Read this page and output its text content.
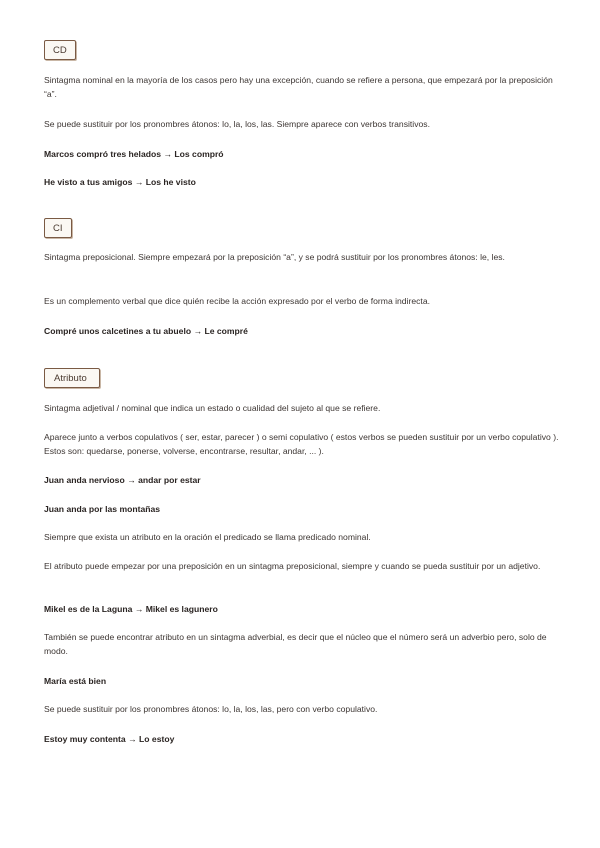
CD

Sintagma nominal en la mayoría de los casos pero hay una excepción, cuando se refiere a persona, que empezará por la preposición “a”.

Se puede sustituir por los pronombres átonos: lo, la, los, las. Siempre aparece con verbos transitivos.

Marcos compró tres helados → Los compró

He visto a tus amigos → Los he visto

CI

Sintagma preposicional. Siempre empezará por la preposición “a”, y se podrá sustituir por los pronombres átonos: le, les.

Es un complemento verbal que dice quién recibe la acción expresado por el verbo de forma indirecta.

Compré unos calcetines a tu abuelo → Le compré

Atributo

Sintagma adjetival / nominal que indica un estado o cualidad del sujeto al que se refiere.

Aparece junto a verbos copulativos ( ser, estar, parecer ) o semi copulativo ( estos verbos se pueden sustituir por un verbo copulativo ). Estos son: quedarse, ponerse, volverse, encontrarse, resultar, andar, ... ).

Juan anda nervioso → andar por estar

Juan anda por las montañas

Siempre que exista un atributo en la oración el predicado se llama predicado nominal.

El atributo puede empezar por una preposición en un sintagma preposicional, siempre y cuando se pueda sustituir por un adjetivo.

Mikel es de la Laguna → Mikel es lagunero

También se puede encontrar atributo en un sintagma adverbial, es decir que el núcleo que el número será un adverbio pero, solo de modo.

María está bien

Se puede sustituir por los pronombres átonos: lo, la, los, las, pero con verbo copulativo.

Estoy muy contenta → Lo estoy
